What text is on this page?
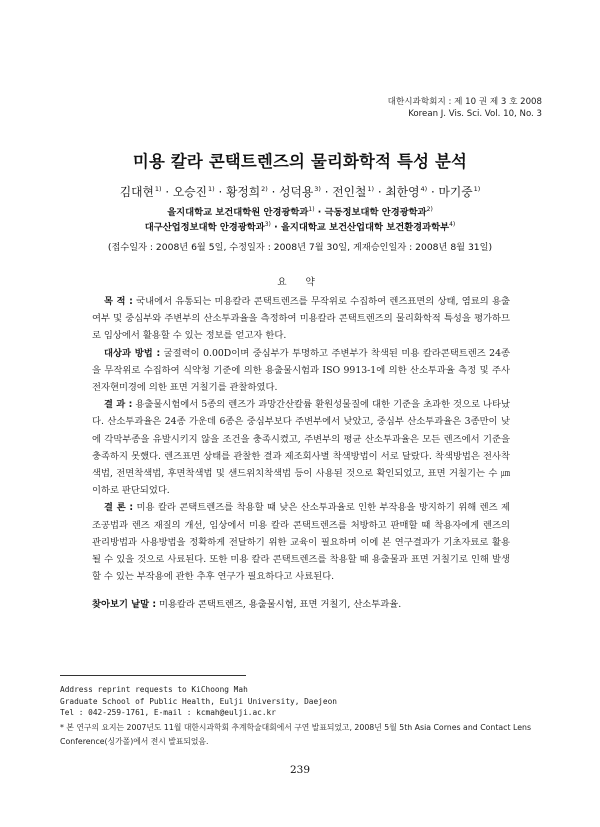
대한시과학회지 : 제 10 권 제 3 호 2008
Korean J. Vis. Sci. Vol. 10, No. 3
미용 칼라 콘택트렌즈의 물리화학적 특성 분석
김대현$^{1)}$ · 오승진$^{1)}$ · 황정희$^{2)}$ · 성덕용$^{3)}$ · 전인철$^{1)}$ · 최한영$^{4)}$ · 마기중$^{1)}$
을지대학교 보건대학원 안경광학과$^{1)}$ · 극동정보대학 안경광학과$^{2)}$
대구산업정보대학 안경광학과$^{3)}$ · 을지대학교 보건산업대학 보건환경과학부$^{4)}$
(접수일자 : 2008년 6월 5일, 수정일자 : 2008년 7월 30일, 게재승인일자 : 2008년 8월 31일)
요 약

목 적 : 국내에서 유통되는 미용칼라 콘택트렌즈를 무작위로 수집하여 렌즈표면의 상태, 염료의 용출 여부 및 중심부와 주변부의 산소투과율을 측정하여 미용칼라 콘택트렌즈의 물리화학적 특성을 평가하므로 임상에서 활용할 수 있는 정보를 얻고자 한다.

대상과 방법 : 굴절력이 0.00D이며 중심부가 투명하고 주변부가 착색된 미용 칼라콘택트렌즈 24종을 무작위로 수집하여 식약청 기준에 의한 용출물시험과 ISO 9913-1에 의한 산소투과율 측정 및 주사전자현미경에 의한 표면 거칠기를 관찰하였다.

결 과 : 용출물시험에서 5종의 렌즈가 과망간산칼륨 환원성물질에 대한 기준을 초과한 것으로 나타났다. 산소투과율은 24종 가운데 6종은 중심부보다 주변부에서 낮았고, 중심부 산소투과율은 3종만이 낮에 각막부종을 유발시키지 않을 조건을 충족시켰고, 주변부의 평균 산소투과율은 모든 렌즈에서 기준을 충족하지 못했다. 렌즈표면 상태를 관찰한 결과 제조회사별 착색방법이 서로 달랐다. 착색방법은 전사착색법, 전면착색법, 후면착색법 및 샌드위치착색법 등이 사용된 것으로 확인되었고, 표면 거칠기는 수 ㎛ 이하로 판단되었다.

결 론 : 미용 칼라 콘택트렌즈를 착용할 때 낮은 산소투과율로 인한 부작용을 방지하기 위해 렌즈 제조공법과 렌즈 재질의 개선, 임상에서 미용 칼라 콘택트렌즈를 처방하고 판매할 때 착용자에게 렌즈의 관리방법과 사용방법을 정확하게 전달하기 위한 교육이 필요하며 이에 본 연구결과가 기초자료로 활용될 수 있을 것으로 사료된다. 또한 미용 칼라 콘택트렌즈를 착용할 때 용출물과 표면 거칠기로 인해 발생할 수 있는 부작용에 관한 추후 연구가 필요하다고 사료된다.

찾아보기 낱말 : 미용칼라 콘택트렌즈, 용출물시험, 표면 거칠기, 산소투과율.
Address reprint requests to KiChoong Mah
Graduate School of Public Health, Eulji University, Daejeon
Tel : 042-259-1761, E-mail : kcmah@eulji.ac.kr
* 본 연구의 요지는 2007년도 11월 대한시과학회 추계학술대회에서 구연 발표되었고, 2008년 5월 5th Asia Cornes and Contact Lens Conference(싱가폴)에서 전시 발표되었음.
239
